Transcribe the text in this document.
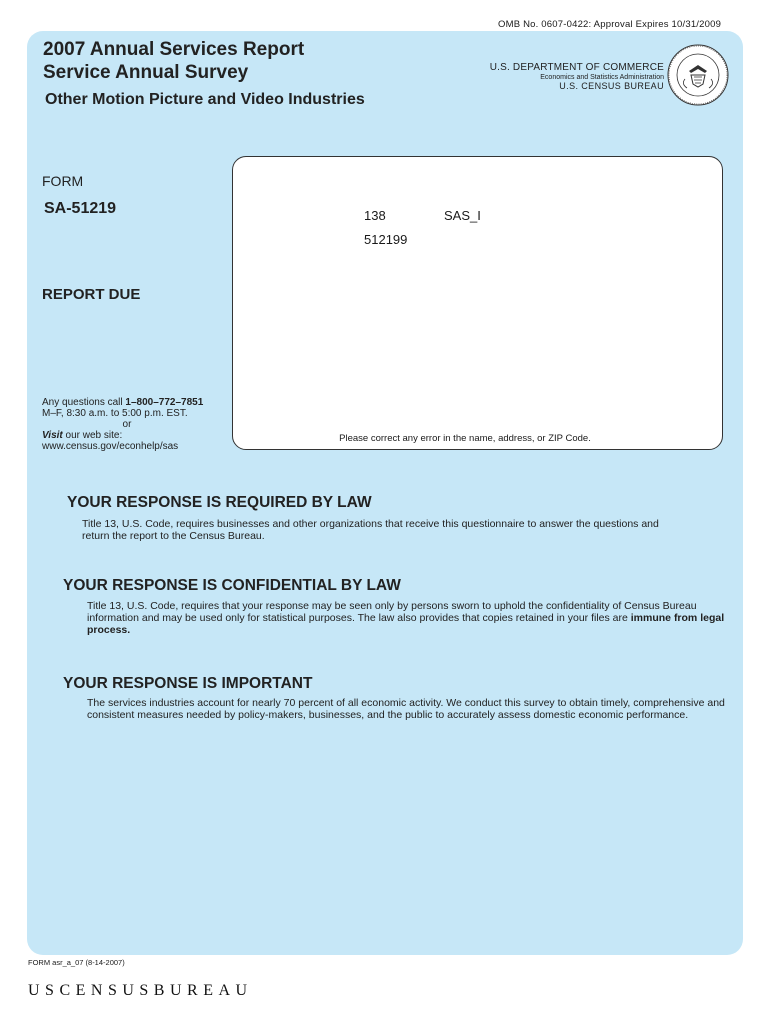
OMB No. 0607-0422: Approval Expires 10/31/2009
2007 Annual Services Report
Service Annual Survey
Other Motion Picture and Video Industries
U.S. DEPARTMENT OF COMMERCE
Economics and Statistics Administration
U.S. CENSUS BUREAU
FORM
SA-51219
REPORT DUE
Any questions call 1–800–772–7851
M–F, 8:30 a.m. to 5:00 p.m. EST.
or
Visit our web site:
www.census.gov/econhelp/sas
138	SAS_I
512199
Please correct any error in the name, address, or ZIP Code.
YOUR RESPONSE IS REQUIRED BY LAW
Title 13, U.S. Code, requires businesses and other organizations that receive this questionnaire to answer the questions and return the report to the Census Bureau.
YOUR RESPONSE IS CONFIDENTIAL BY LAW
Title 13, U.S. Code, requires that your response may be seen only by persons sworn to uphold the confidentiality of Census Bureau information and may be used only for statistical purposes. The law also provides that copies retained in your files are immune from legal process.
YOUR RESPONSE IS IMPORTANT
The services industries account for nearly 70 percent of all economic activity. We conduct this survey to obtain timely, comprehensive and consistent measures needed by policy-makers, businesses, and the public to accurately assess domestic economic performance.
FORM asr_a_07 (8-14-2007)
USCENSUSBUREAU
